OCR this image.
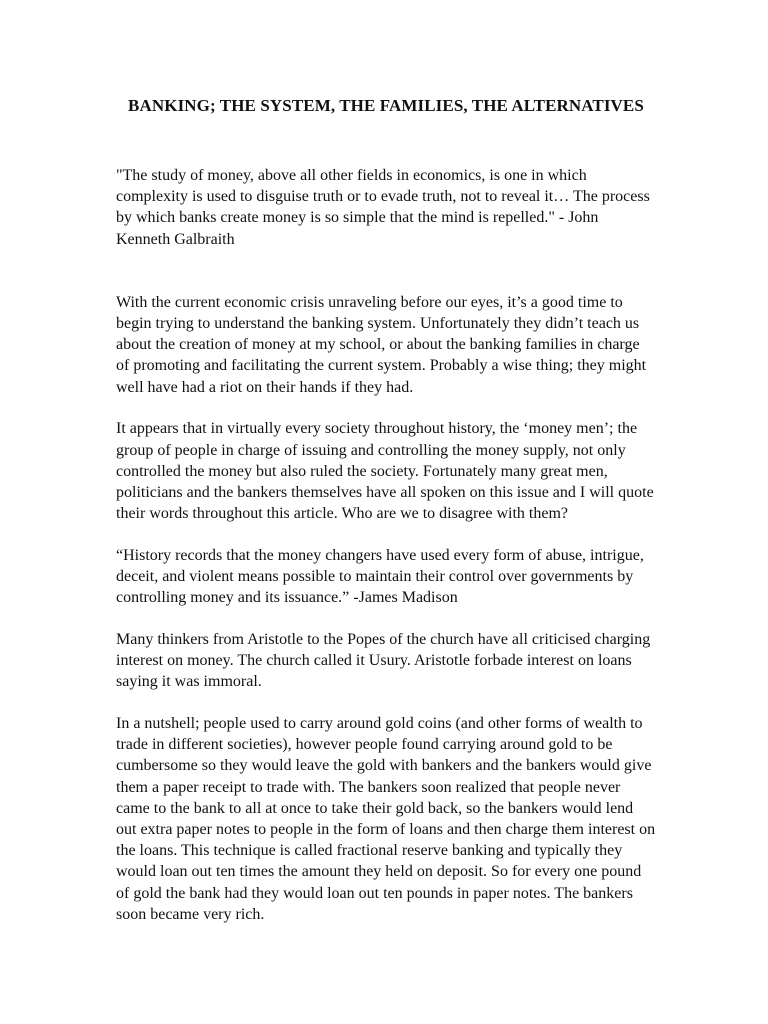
BANKING; THE SYSTEM, THE FAMILIES, THE ALTERNATIVES

"The study of money, above all other fields in economics, is one in which complexity is used to disguise truth or to evade truth, not to reveal it… The process by which banks create money is so simple that the mind is repelled." - John Kenneth Galbraith

With the current economic crisis unraveling before our eyes, it’s a good time to begin trying to understand the banking system. Unfortunately they didn’t teach us about the creation of money at my school, or about the banking families in charge of promoting and facilitating the current system. Probably a wise thing; they might well have had a riot on their hands if they had.

It appears that in virtually every society throughout history, the ‘money men’; the group of people in charge of issuing and controlling the money supply, not only controlled the money but also ruled the society. Fortunately many great men, politicians and the bankers themselves have all spoken on this issue and I will quote their words throughout this article. Who are we to disagree with them?

“History records that the money changers have used every form of abuse, intrigue, deceit, and violent means possible to maintain their control over governments by controlling money and its issuance.” -James Madison

Many thinkers from Aristotle to the Popes of the church have all criticised charging interest on money. The church called it Usury. Aristotle forbade interest on loans saying it was immoral.

In a nutshell; people used to carry around gold coins (and other forms of wealth to trade in different societies), however people found carrying around gold to be cumbersome so they would leave the gold with bankers and the bankers would give them a paper receipt to trade with. The bankers soon realized that people never came to the bank to all at once to take their gold back, so the bankers would lend out extra paper notes to people in the form of loans and then charge them interest on the loans. This technique is called fractional reserve banking and typically they would loan out ten times the amount they held on deposit. So for every one pound of gold the bank had they would loan out ten pounds in paper notes. The bankers soon became very rich.
